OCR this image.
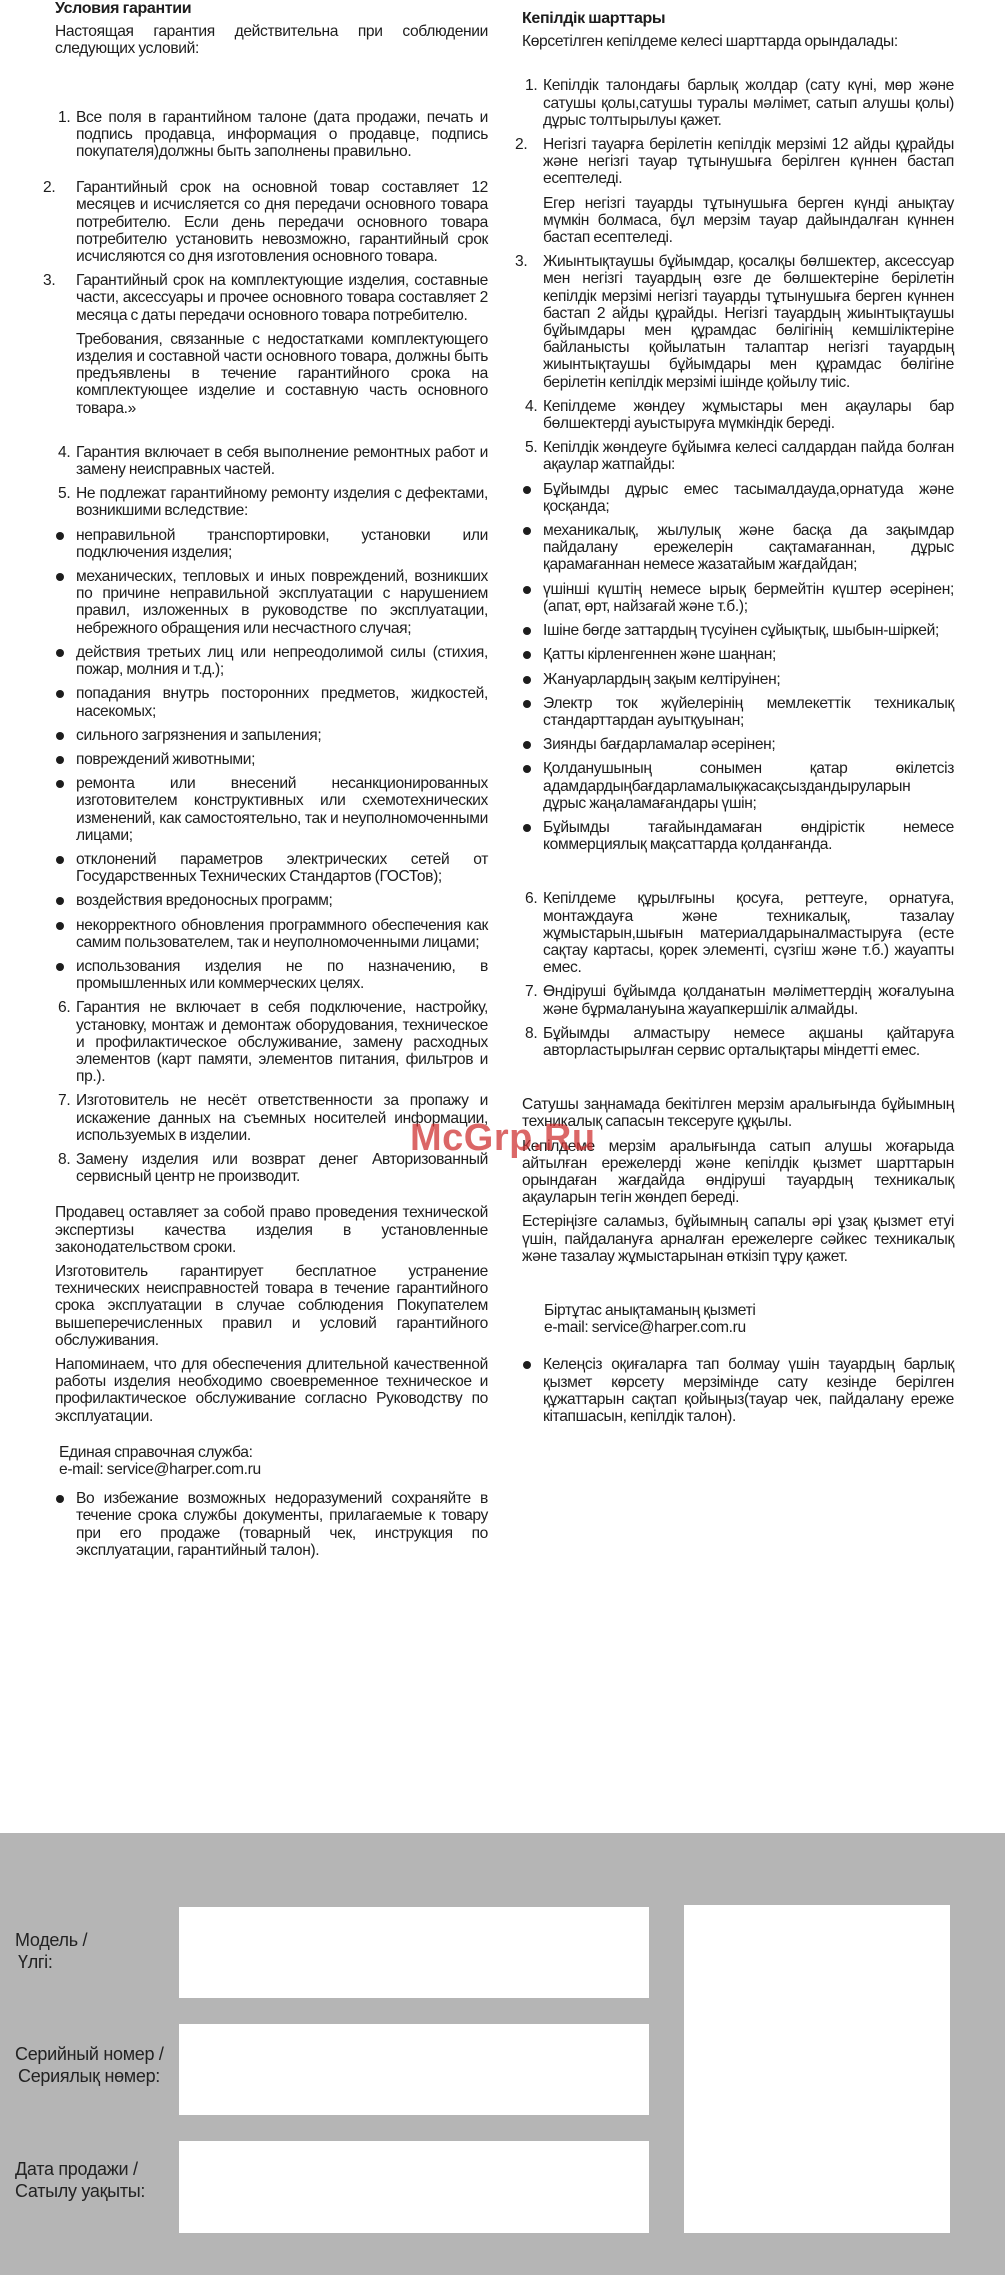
Условия гарантии

Настоящая гарантия действительна при соблюдении следующих условий:

1. Все поля в гарантийном талоне (дата продажи, печать и подпись продавца, информация о продавце, подпись покупателя)должны быть заполнены правильно.
2. Гарантийный срок на основной товар составляет 12 месяцев и исчисляется со дня передачи основного товара потребителю. Если день передачи основного товара потребителю установить невозможно, гарантийный срок исчисляются со дня изготовления основного товара.
3. Гарантийный срок на комплектующие изделия, составные части, аксессуары и прочее основного товара составляет 2 месяца с даты передачи основного товара потребителю.

Требования, связанные с недостатками комплектующего изделия и составной части основного товара, должны быть предъявлены в течение гарантийного срока на комплектующее изделие и составную часть основного товара.»

4. Гарантия включает в себя выполнение ремонтных работ и замену неисправных частей.
5. Не подлежат гарантийному ремонту изделия с дефектами, возникшими вследствие:
неправильной транспортировки, установки или подключения изделия;
механических, тепловых и иных повреждений, возникших по причине неправильной эксплуатации с нарушением правил, изложенных в руководстве по эксплуатации, небрежного обращения или несчастного случая;
действия третьих лиц или непреодолимой силы (стихия, пожар, молния и т.д.);
попадания внутрь посторонних предметов, жидкостей, насекомых;
сильного загрязнения и запыления;
повреждений животными;
ремонта или внесений несанкционированных изготовителем конструктивных или схемотехнических изменений, как самостоятельно, так и неуполномоченными лицами;
отклонений параметров электрических сетей от Государственных Технических Стандартов (ГОСТов);
воздействия вредоносных программ;
некорректного обновления программного обеспечения как самим пользователем, так и неуполномоченными лицами;
использования изделия не по назначению, в промышленных или коммерческих целях.
6. Гарантия не включает в себя подключение, настройку, установку, монтаж и демонтаж оборудования, техническое и профилактическое обслуживание, замену расходных элементов (карт памяти, элементов питания, фильтров и пр.).
7. Изготовитель не несёт ответственности за пропажу и искажение данных на съемных носителей информации, используемых в изделии.
8. Замену изделия или возврат денег Авторизованный сервисный центр не производит.

Продавец оставляет за собой право проведения технической экспертизы качества изделия в установленные законодательством сроки.

Изготовитель гарантирует бесплатное устранение технических неисправностей товара в течение гарантийного срока эксплуатации в случае соблюдения Покупателем вышеперечисленных правил и условий гарантийного обслуживания.

Напоминаем, что для обеспечения длительной качественной работы изделия необходимо своевременное техническое и профилактическое обслуживание согласно Руководству по эксплуатации.

Единая справочная служба:
e-mail: service@harper.com.ru
Во избежание возможных недоразумений сохраняйте в течение срока службы документы, прилагаемые к товару при его продаже (товарный чек, инструкция по эксплуатации, гарантийный талон).
Кепілдік шарттары

Көрсетілген кепілдеме келесі шарттарда орындалады:

1. Кепілдік талондағы барлық жолдар (сату күні, мөр және сатушы қолы,сатушы туралы мәлімет, сатып алушы қолы) дұрыс толтырылуы қажет.
2. Негізгі тауарға берілетін кепілдік мерзімі 12 айды құрайды және негізгі тауар тұтынушыға берілген күннен бастап есептеледі.

Егер негізгі тауарды тұтынушыға берген күнді анықтау мүмкін болмаса, бұл мерзім тауар дайындалған күннен бастап есептеледі.

3. Жиынтықтаушы бұйымдар, қосалқы бөлшектер, аксессуар мен негізгі тауардың өзге де бөлшектеріне берілетін кепілдік мерзімі негізгі тауарды тұтынушыға берген күннен бастап 2 айды құрайды. Негізгі тауардың жиынтықтаушы бұйымдары мен құрамдас бөлігінің кемшіліктеріне байланысты қойылатын талаптар негізгі тауардың жиынтықтаушы бұйымдары мен құрамдас бөлігіне берілетін кепілдік мерзімі ішінде қойылу тиіс.
4. Кепілдеме жөндеу жұмыстары мен ақаулары бар бөлшектерді ауыстыруға мүмкіндік береді.
5. Кепілдік жөндеуге бұйымға келесі салдардан пайда болған ақаулар жатпайды:
Бұйымды дұрыс емес тасымалдауда,орнатуда және қосқанда;
механикалық, жылулық және басқа да зақымдар пайдалану ережелерін сақтамағаннан, дұрыс қарамағаннан немесе жазатайым жағдайдан;
үшінші күштің немесе ырық бермейтін күштер әсерінен; (апат, өрт, найзағай және т.б.);
Ішіне бөгде заттардың түсуінен сұйықтық, шыбын-шіркей;
Қатты кірленгеннен және шаңнан;
Жануарлардың зақым келтіруінен;
Электр ток жүйелерінің мемлекеттік техникалық стандарттардан ауытқуынан;
Зиянды бағдарламалар әсерінен;
Қолданушының сонымен қатар өкілетсіз адамдардыңбағдарламалықжасақсыздандыруларын дұрыс жаңаламағандары үшін;
Бұйымды тағайындамаған өндірістік немесе коммерциялық мақсаттарда қолданғанда.
6. Кепілдеме құрылғыны қосуға, реттеуге, орнатуға, монтаждауға және техникалық, тазалау жұмыстарын,шығын материалдарыналмастыруға (есте сақтау картасы, қорек элементі, сүзгіш және т.б.) жауапты емес.
7. Өндіруші бұйымда қолданатын мәліметтердің жоғалуына және бұрмалануына жауапкершілік алмайды.
8. Бұйымды алмастыру немесе ақшаны қайтаруға авторластырылған сервис орталықтары міндетті емес.

Сатушы заңнамада бекітілген мерзім аралығында бұйымның техникалық сапасын тексеруге құқылы.

Кепілдеме мерзім аралығында сатып алушы жоғарыда айтылған ережелерді және кепілдік қызмет шарттарын орындаған жағдайда өндіруші тауардың техникалық ақауларын тегін жөндеп береді.

Естеріңізге саламыз, бұйымның сапалы әрі ұзақ қызмет етуі үшін, пайдалануға арналған ережелерге сәйкес техникалық және тазалау жұмыстарынан өткізіп тұру қажет.

Біртұтас анықтаманың қызметі
e-mail: service@harper.com.ru
Келеңсіз оқиғаларға тап болмау үшін тауардың барлық қызмет көрсету мерзімінде сату кезінде берілген құжаттарын сақтап қойыңыз(тауар чек, пайдалану ереже кітапшасын, кепілдік талон).
McGrp.Ru
Модель /
Үлгі:
Серийный номер /
Сериялық нөмер:
Дата продажи /
Сатылу уақыты:
